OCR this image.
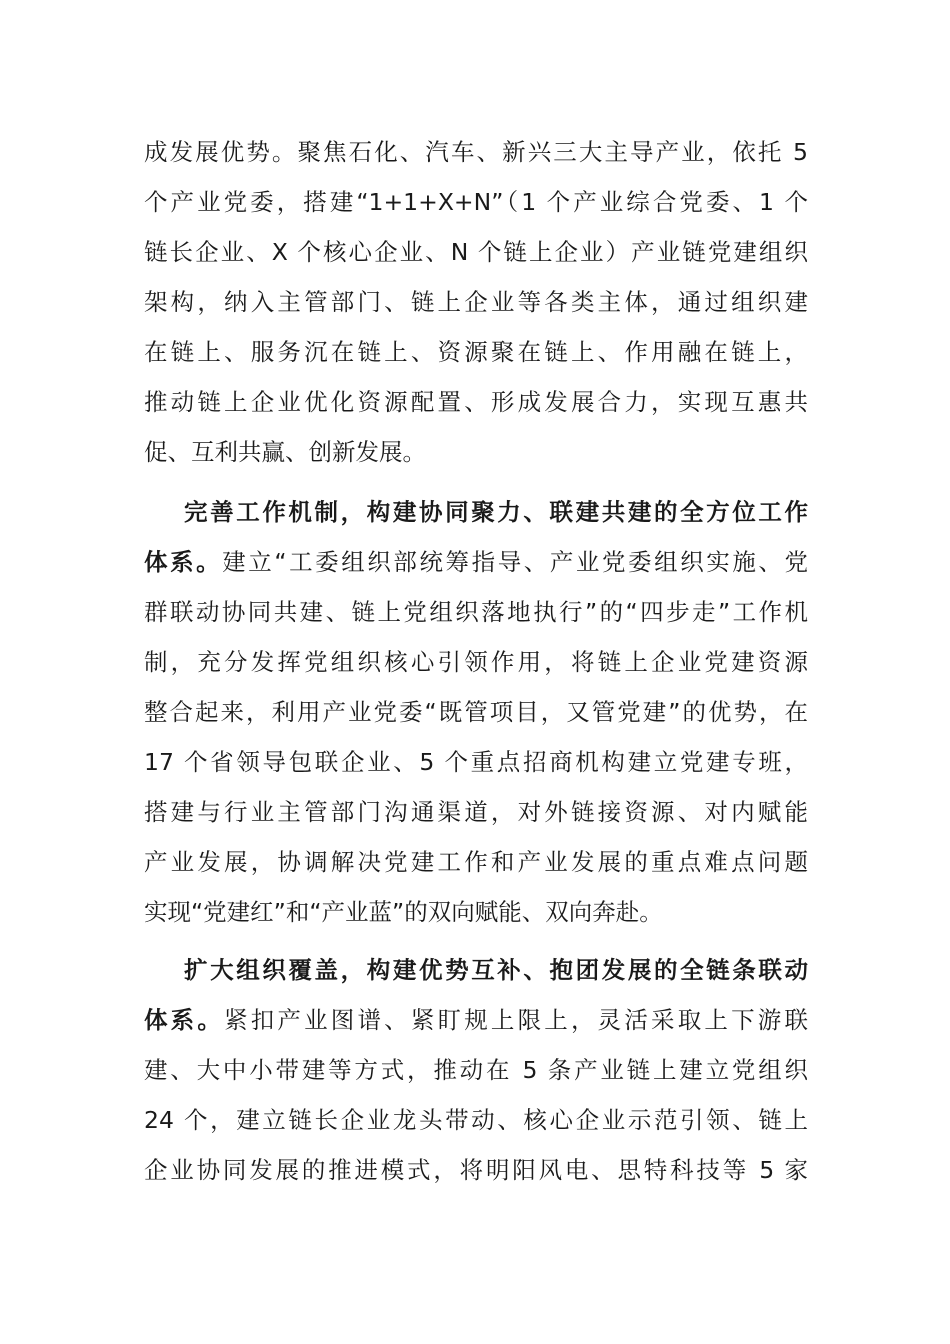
成发展优势。聚焦石化、汽车、新兴三大主导产业，依托 5
个产业党委，搭建“1+1+X+N”（1 个产业综合党委、1 个
链长企业、X 个核心企业、N 个链上企业）产业链党建组织
架构，纳入主管部门、链上企业等各类主体，通过组织建
在链上、服务沉在链上、资源聚在链上、作用融在链上，
推动链上企业优化资源配置、形成发展合力，实现互惠共
促、互利共赢、创新发展。
完善工作机制，构建协同聚力、联建共建的全方位工作
体系。建立“工委组织部统筹指导、产业党委组织实施、党
群联动协同共建、链上党组织落地执行”的“四步走”工作机
制，充分发挥党组织核心引领作用，将链上企业党建资源
整合起来，利用产业党委“既管项目，又管党建”的优势，在
17 个省领导包联企业、5 个重点招商机构建立党建专班，
搭建与行业主管部门沟通渠道，对外链接资源、对内赋能
产业发展，协调解决党建工作和产业发展的重点难点问题
实现“党建红”和“产业蓝”的双向赋能、双向奔赴。
扩大组织覆盖，构建优势互补、抱团发展的全链条联动
体系。紧扣产业图谱、紧盯规上限上，灵活采取上下游联
建、大中小带建等方式，推动在 5 条产业链上建立党组织
24 个，建立链长企业龙头带动、核心企业示范引领、链上
企业协同发展的推进模式，将明阳风电、思特科技等 5 家
